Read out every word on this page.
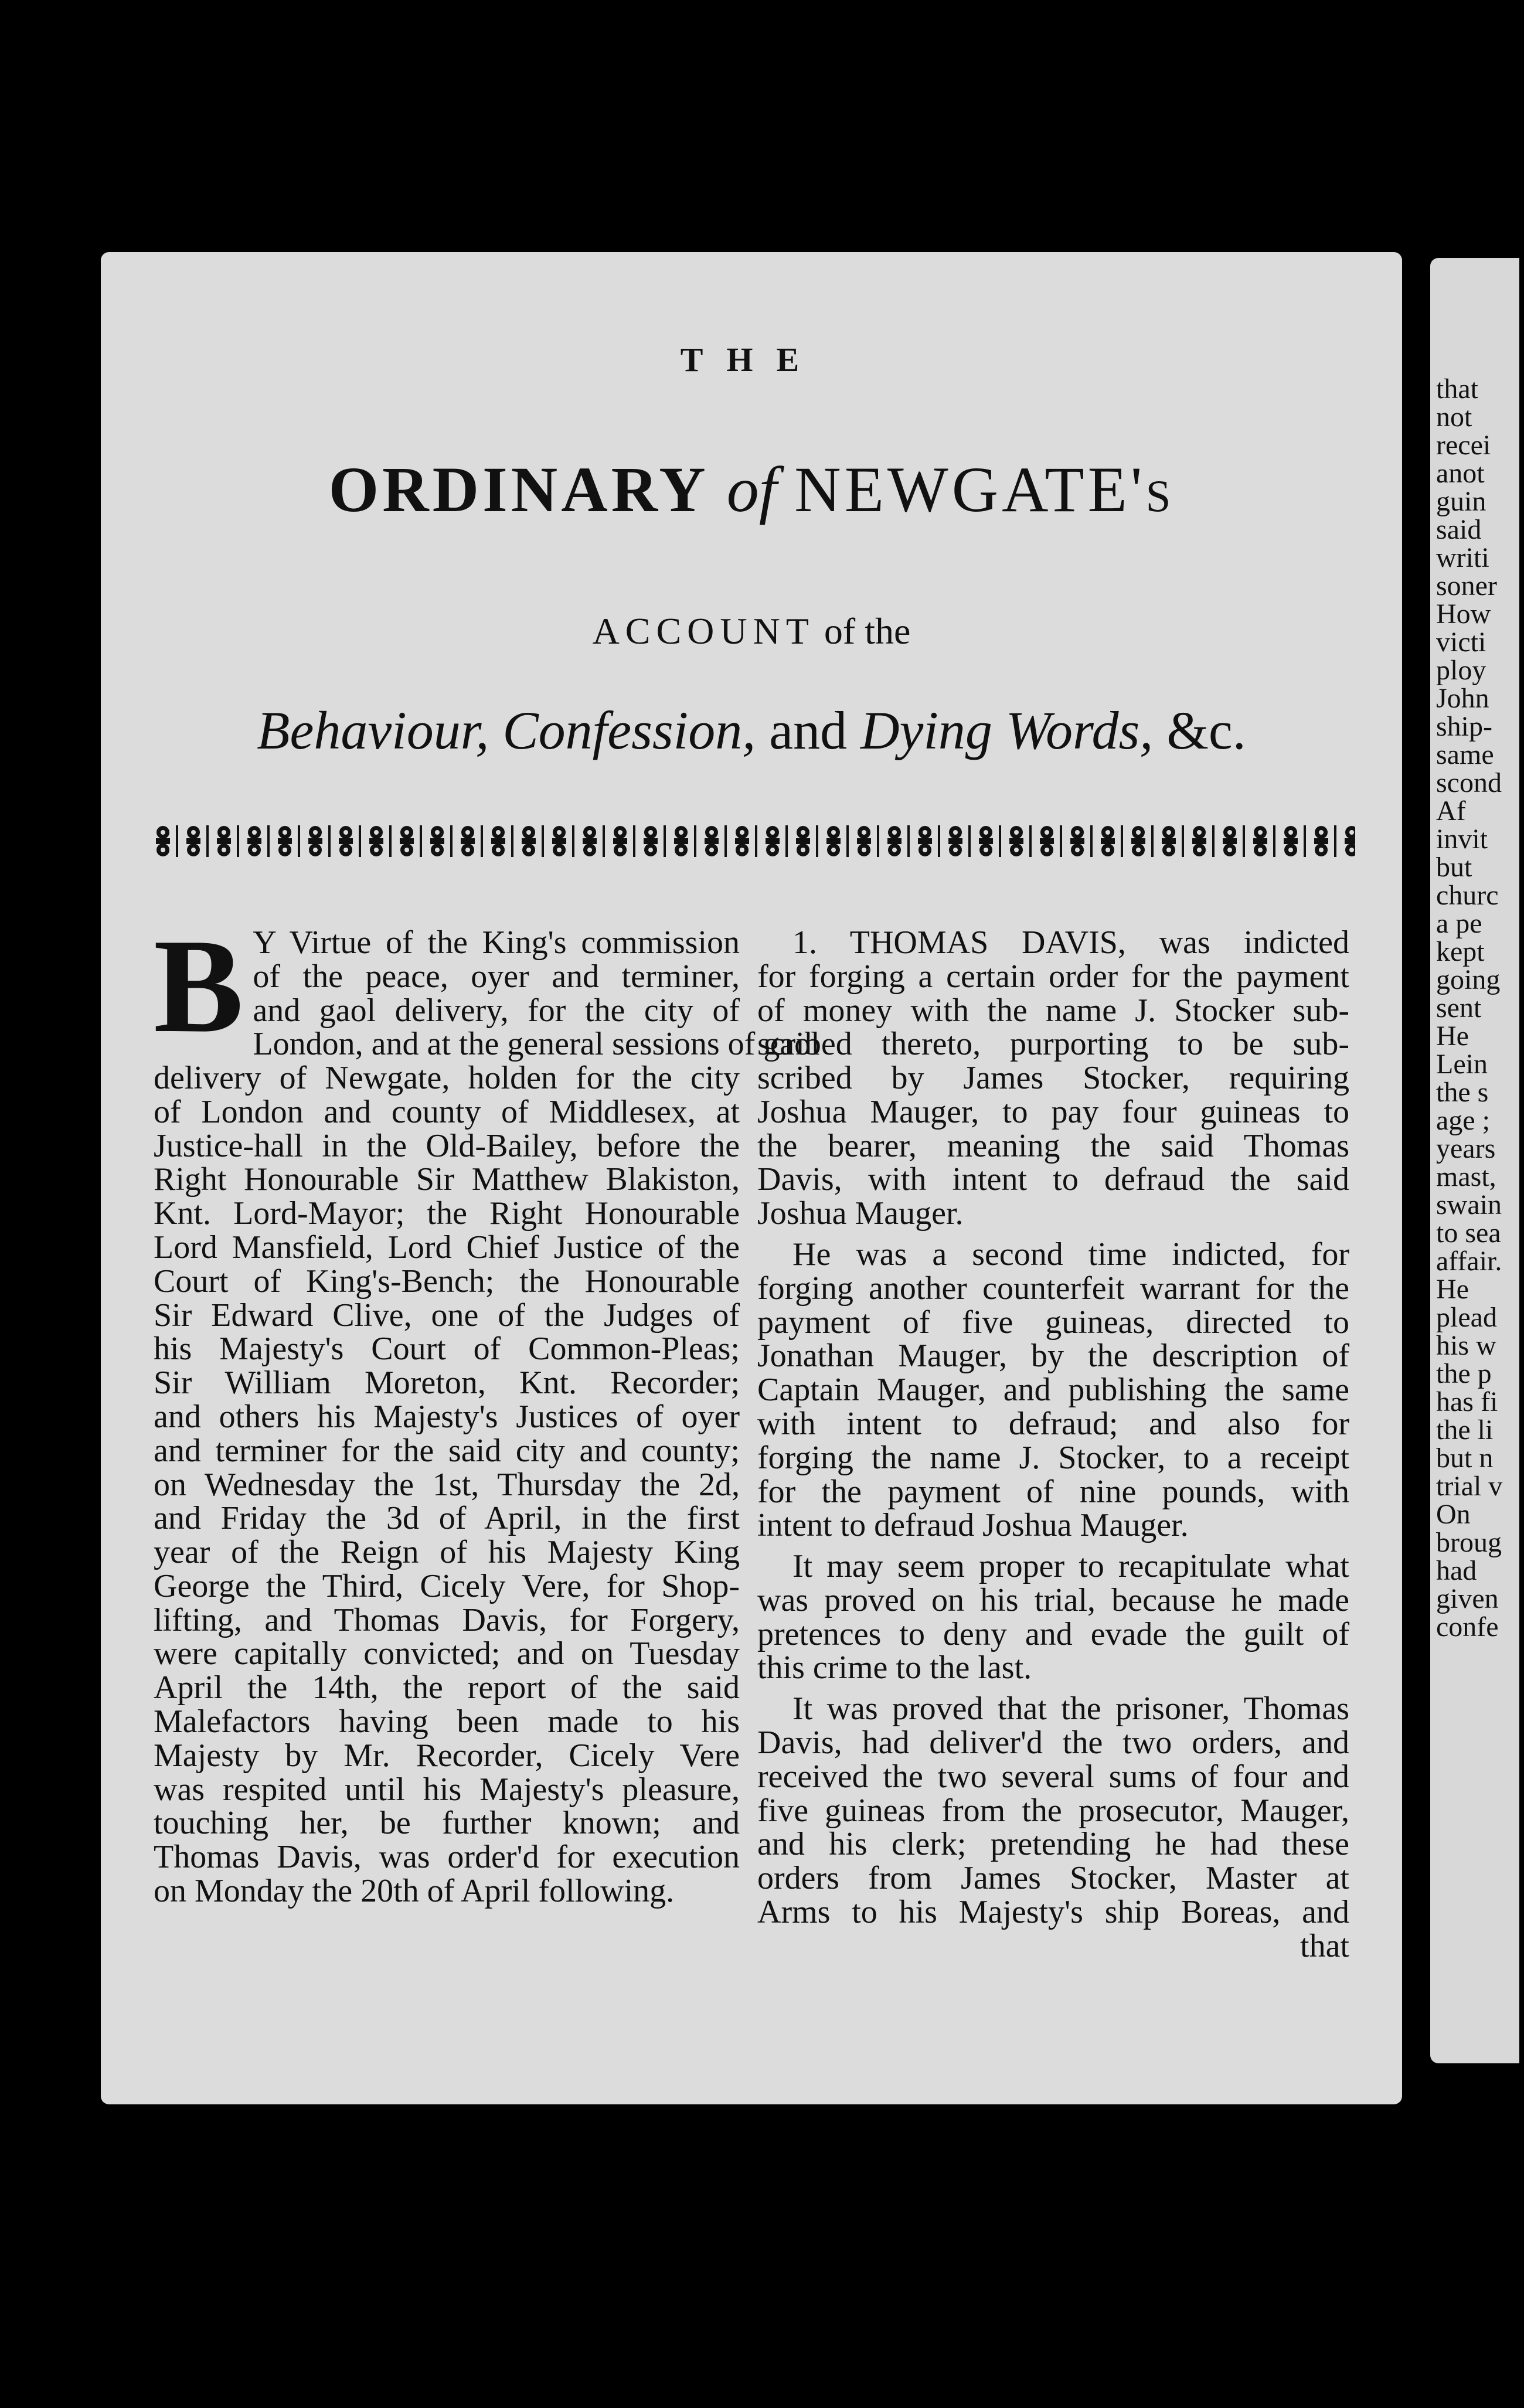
THE

ORDINARY of NEWGATE's

ACCOUNT of the

Behaviour, Confession, and Dying Words, &c.

B Y Virtue of the King's commission
of the peace, oyer and terminer,
and gaol delivery, for the city of
London, and at the general sessions of gaol
delivery of Newgate, holden for the city
of London and county of Middlesex, at
Justice-hall in the Old-Bailey, before the
Right Honourable Sir Matthew Blakiston,
Knt. Lord-Mayor; the Right Honourable
Lord Mansfield, Lord Chief Justice of the
Court of King's-Bench; the Honourable
Sir Edward Clive, one of the Judges of
his Majesty's Court of Common-Pleas;
Sir William Moreton, Knt. Recorder;
and others his Majesty's Justices of oyer
and terminer for the said city and county;
on Wednesday the 1st, Thursday the 2d,
and Friday the 3d of April, in the first
year of the Reign of his Majesty King
George the Third, Cicely Vere, for Shop-
lifting, and Thomas Davis, for Forgery,
were capitally convicted; and on Tuesday
April the 14th, the report of the said
Malefactors having been made to his
Majesty by Mr. Recorder, Cicely Vere
was respited until his Majesty's pleasure,
touching her, be further known; and
Thomas Davis, was order'd for execution
on Monday the 20th of April following.

1. THOMAS DAVIS, was indicted
for forging a certain order for the payment
of money with the name J. Stocker sub-
scribed thereto, purporting to be sub-
scribed by James Stocker, requiring
Joshua Mauger, to pay four guineas to
the bearer, meaning the said Thomas
Davis, with intent to defraud the said
Joshua Mauger.

He was a second time indicted, for
forging another counterfeit warrant for the
payment of five guineas, directed to
Jonathan Mauger, by the description of
Captain Mauger, and publishing the same
with intent to defraud; and also for
forging the name J. Stocker, to a receipt
for the payment of nine pounds, with
intent to defraud Joshua Mauger.

It may seem proper to recapitulate what
was proved on his trial, because he made
pretences to deny and evade the guilt of
this crime to the last.

It was proved that the prisoner, Thomas
Davis, had deliver'd the two orders, and
received the two several sums of four and
five guineas from the prosecutor, Mauger,
and his clerk; pretending he had these
orders from James Stocker, Master at
Arms to his Majesty's ship Boreas, and
that

that
not
recei
anot
guin
said
writi
soner
How
victi
ploy
John
ship-
same
scond
Af
invit
but
churc
a pe
kept
going
sent
He
Lein
the s
age ;
years
mast,
swain
to sea
affair.
He
plead
his w
the p
has fi
the li
but n
trial v
On
broug
had
given
confe
